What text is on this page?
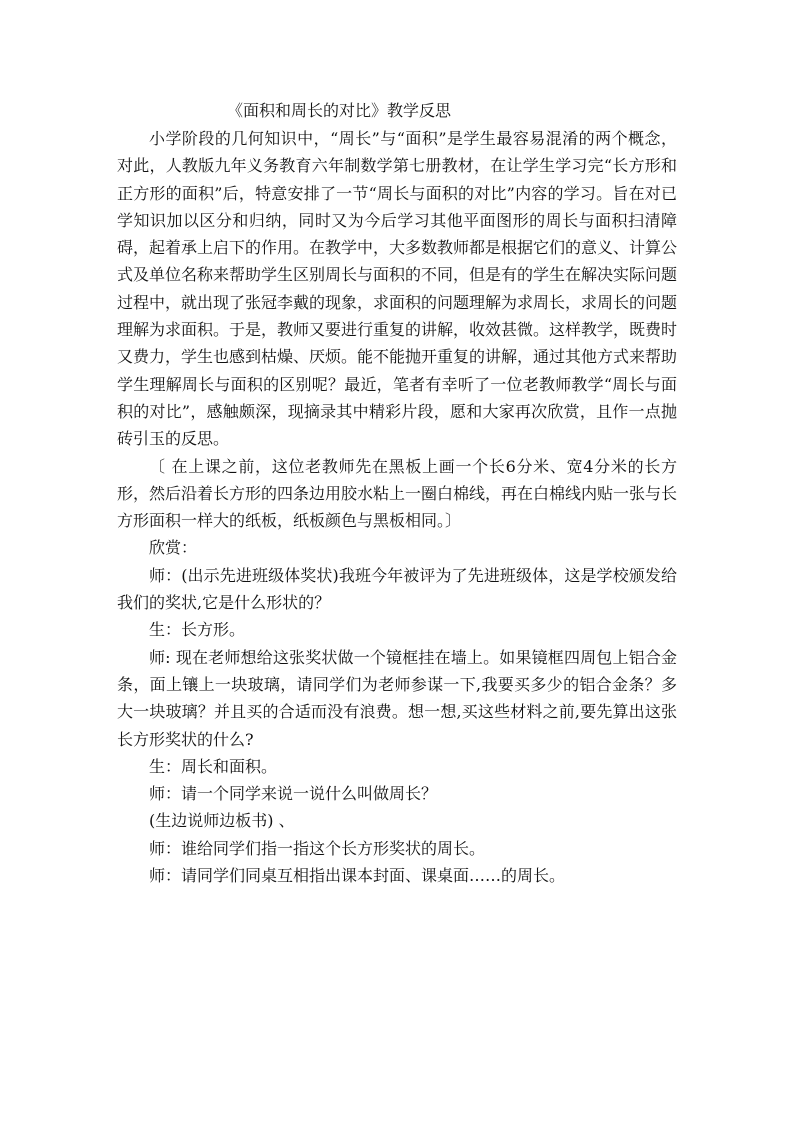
《面积和周长的对比》教学反思

小学阶段的几何知识中，“周长”与“面积”是学生最容易混淆的两个概念，对此，人教版九年义务教育六年制数学第七册教材，在让学生学习完“长方形和正方形的面积”后，特意安排了一节“周长与面积的对比”内容的学习。旨在对已学知识加以区分和归纳，同时又为今后学习其他平面图形的周长与面积扫清障碍，起着承上启下的作用。在教学中，大多数教师都是根据它们的意义、计算公式及单位名称来帮助学生区别周长与面积的不同，但是有的学生在解决实际问题过程中，就出现了张冠李戴的现象，求面积的问题理解为求周长，求周长的问题理解为求面积。于是，教师又要进行重复的讲解，收效甚微。这样教学，既费时又费力，学生也感到枯燥、厌烦。能不能抛开重复的讲解，通过其他方式来帮助学生理解周长与面积的区别呢？最近，笔者有幸听了一位老教师教学“周长与面积的对比”，感触颇深，现摘录其中精彩片段，愿和大家再次欣赏，且作一点抛砖引玉的反思。

〔 在上课之前，这位老教师先在黑板上画一个长6分米、宽4分米的长方形，然后沿着长方形的四条边用胶水粘上一圈白棉线，再在白棉线内贴一张与长方形面积一样大的纸板，纸板颜色与黑板相同。〕

欣赏：

师：(出示先进班级体奖状)我班今年被评为了先进班级体，这是学校颁发给我们的奖状,它是什么形状的？

生：长方形。

师: 现在老师想给这张奖状做一个镜框挂在墙上。如果镜框四周包上铝合金条，面上镶上一块玻璃，请同学们为老师参谋一下,我要买多少的铝合金条？多大一块玻璃？并且买的合适而没有浪费。想一想,买这些材料之前,要先算出这张长方形奖状的什么?

生：周长和面积。

师：请一个同学来说一说什么叫做周长？

(生边说师边板书) 、

师：谁给同学们指一指这个长方形奖状的周长。

师：请同学们同桌互相指出课本封面、课桌面……的周长。
